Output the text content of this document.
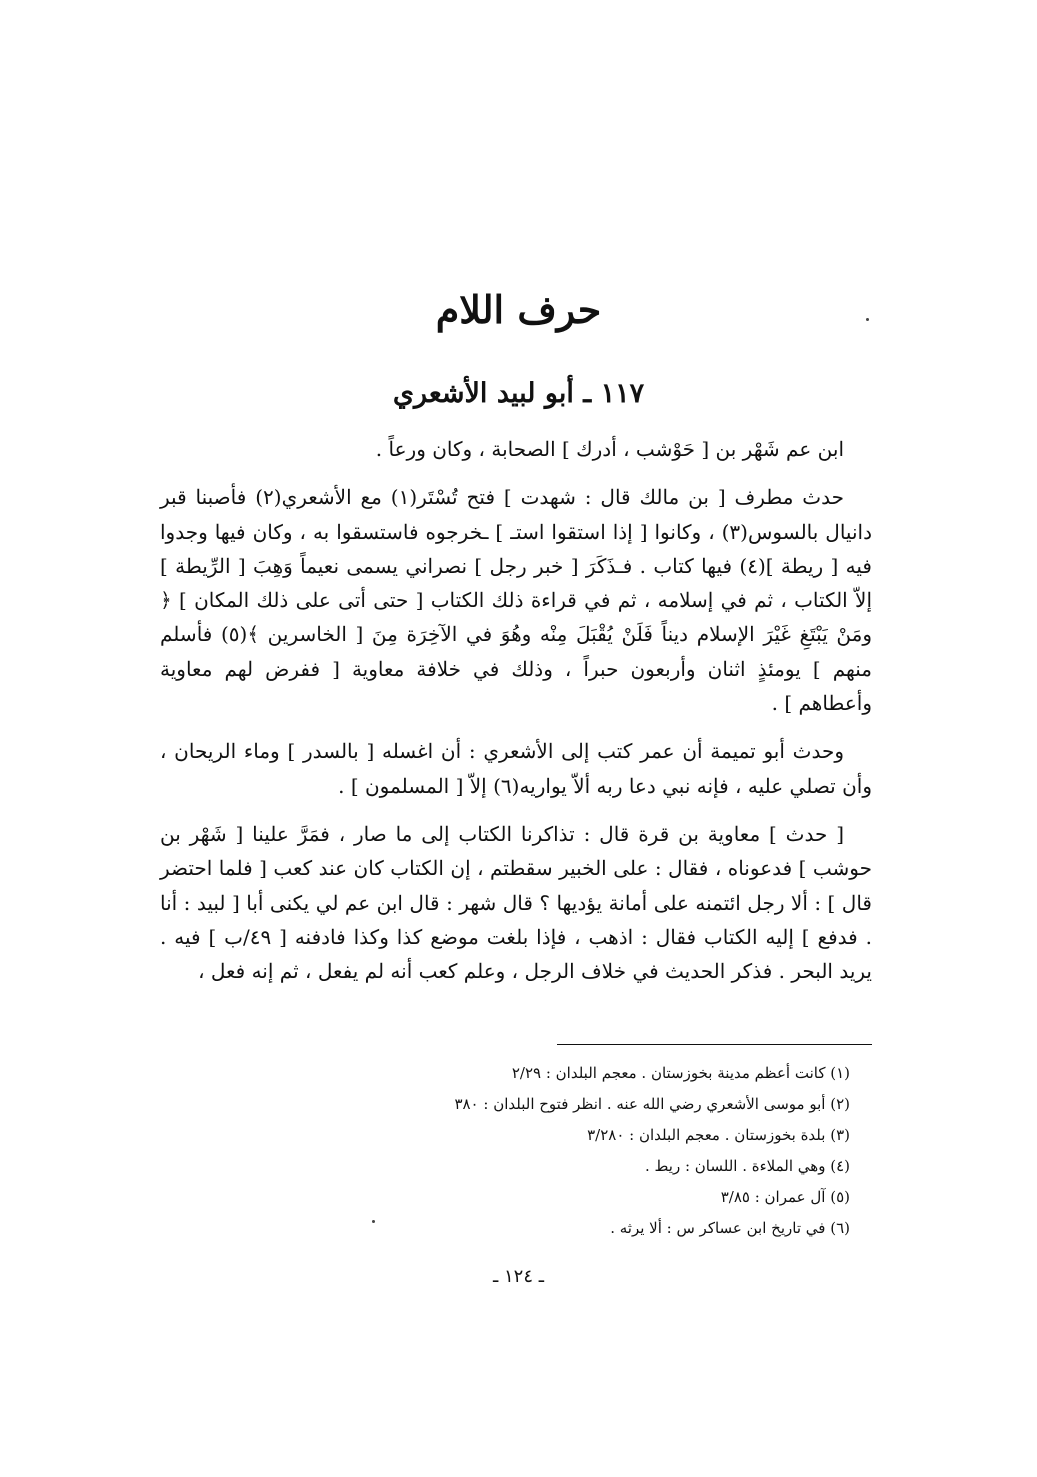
حرف اللام
١١٧ ـ أبو لبيد الأشعري

ابن عم شَهْر بن [ حَوْشب ، أدرك ] الصحابة ، وكان ورعاً .

حدث مطرف [ بن مالك قال : شهدت ] فتح تُسْتَر(١) مع الأشعري(٢) فأصبنا قبر دانيال بالسوس(٣) ، وكانوا [ إذا استقوا استـ ] ـخرجوه فاستسقوا به ، وكان فيها وجدوا فيه [ ريطة ](٤) فيها كتاب . فـذَكَرَ [ خبر رجل ] نصراني يسمى نعيماً وَهِبَ [ الرِّيطة ] إلاّ الكتاب ، ثم في إسلامه ، ثم في قراءة ذلك الكتاب [ حتى أتى على ذلك المكان ] ﴿ ومَنْ يَبْتَغِ غَيْرَ الإسلام ديناً فَلَنْ يُقْبَلَ مِنْه وهُوَ في الآخِرَة مِنَ [ الخاسرين ﴾(٥) فأسلم منهم ] يومئذٍ اثنان وأربعون حبراً ، وذلك في خلافة معاوية [ ففرض لهم معاوية وأعطاهم ] .

وحدث أبو تميمة أن عمر كتب إلى الأشعري : أن اغسله [ بالسدر ] وماء الريحان ، وأن تصلي عليه ، فإنه نبي دعا ربه ألاّ يواريه(٦) إلاّ [ المسلمون ] .

[ حدث ] معاوية بن قرة قال : تذاكرنا الكتاب إلى ما صار ، فمَرَّ علينا [ شَهْر بن حوشب ] فدعوناه ، فقال : على الخبير سقطتم ، إن الكتاب كان عند كعب [ فلما احتضر قال ] : ألا رجل ائتمنه على أمانة يؤديها ؟ قال شهر : قال ابن عم لي يكنى أبا [ لبيد : أنا . فدفع ] إليه الكتاب فقال : اذهب ، فإذا بلغت موضع كذا وكذا فادفنه [ ٤٩/ب ] فيه . يريد البحر . فذكر الحديث في خلاف الرجل ، وعلم كعب أنه لم يفعل ، ثم إنه فعل ،

(١) كانت أعظم مدينة بخوزستان . معجم البلدان : ٢/٢٩

(٢) أبو موسى الأشعري رضي الله عنه . انظر فتوح البلدان : ٣٨٠

(٣) بلدة بخوزستان . معجم البلدان : ٣/٢٨٠

(٤) وهي الملاءة . اللسان : ريط .

(٥) آل عمران : ٣/٨٥

(٦) في تاريخ ابن عساكر س : ألا يرثه .

ـ ١٢٤ ـ
